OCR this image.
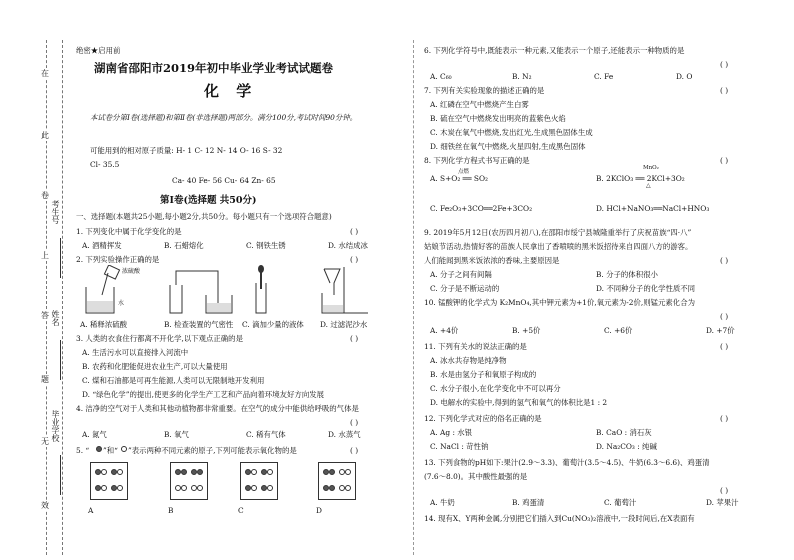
在
此
卷
上
答
题
无
效
考生号
姓名
毕业学校
绝密★启用前
湖南省邵阳市2019年初中毕业学业考试试题卷
化 学
本试卷分第Ⅰ卷(选择题)和第Ⅱ卷(非选择题)两部分。满分100分,考试时间90分钟。
可能用到的相对原子质量: H- 1 C- 12 N- 14 O- 16 S- 32
Cl- 35.5
Ca- 40 Fe- 56 Cu- 64 Zn- 65
第Ⅰ卷(选择题 共50分)
一、选择题(本题共25小题,每小题2分,共50分。每小题只有一个选项符合题意)
1. 下列变化中属于化学变化的是	( )
A. 酒精挥发	B. 石蜡熔化	C. 钢铁生锈	D. 水结成冰
2. 下列实验操作正确的是	( )
浓硫酸
水
A. 稀释浓硫酸	B. 检查装置的气密性 C. 滴加少量的液体 D. 过滤泥沙水
3. 人类的衣食住行都离不开化学,以下观点正确的是	( )
A. 生活污水可以直接排入河流中
B. 农药和化肥能促进农业生产,可以大量使用
C. 煤和石油都是可再生能源,人类可以无限制地开发利用
D. “绿色化学”的提出,使更多的化学生产工艺和产品向着环境友好方向发展
4. 洁净的空气对于人类和其他动植物都非常重要。在空气的成分中能供给呼吸的气体是
( )
A. 氮气	B. 氧气	C. 稀有气体	D. 水蒸气
5. “ ”和“ ”表示两种不同元素的原子,下列可能表示氧化物的是	( )
A	B	C	D
6. 下列化学符号中,既能表示一种元素,又能表示一个原子,还能表示一种物质的是
( )
A. C₆₀	B. N₂	C. Fe	D. O
7. 下列有关实验现象的描述正确的是	( )
A. 红磷在空气中燃烧产生白雾
B. 硫在空气中燃烧发出明亮的蓝紫色火焰
C. 木炭在氧气中燃烧,发出红光,生成黑色固体生成
D. 细铁丝在氧气中燃烧,火星四射,生成黑色固体
8. 下列化学方程式书写正确的是	( )
点燃
MnO₂
△
A. S+O₂ ══ SO₂	B. 2KClO₃ ══ 2KCl+3O₂
C. Fe₂O₃+3CO══2Fe+3CO₂	D. HCl+NaNO₃══NaCl+HNO₃
9. 2019年5月12日(农历四月初八),在邵阳市绥宁县城隆重举行了庆祝苗族“四·八”
姑娘节活动,热情好客的苗族人民拿出了香喷喷的黑米饭招待来自四面八方的游客。
人们能闻到黑米饭浓浓的香味,主要原因是	( )
A. 分子之间有间隔	B. 分子的体积很小
C. 分子是不断运动的	D. 不同种分子的化学性质不同
10. 锰酸钾的化学式为 K₂MnO₄,其中钾元素为+1价,氧元素为-2价,则锰元素化合为
( )
A. +4价	B. +5价	C. +6价	D. +7价
11. 下列有关水的说法正确的是	( )
A. 冰水共存物是纯净物
B. 水是由氢分子和氧原子构成的
C. 水分子很小,在化学变化中不可以再分
D. 电解水的实验中,得到的氢气和氧气的体积比是1 : 2
12. 下列化学式对应的俗名正确的是	( )
A. Ag : 水银	B. CaO : 消石灰
C. NaCl : 苛性钠	D. Na₂CO₃ : 纯碱
13. 下列食物的pH如下:果汁(2.9～3.3)、葡萄汁(3.5～4.5)、牛奶(6.3～6.6)、鸡蛋清
(7.6～8.0)。其中酸性最强的是
( )
A. 牛奶	B. 鸡蛋清	C. 葡萄汁	D. 苹果汁
14. 现有X、Y两种金属,分别把它们插入到Cu(NO₃)₂溶液中,一段时间后,在X表面有
